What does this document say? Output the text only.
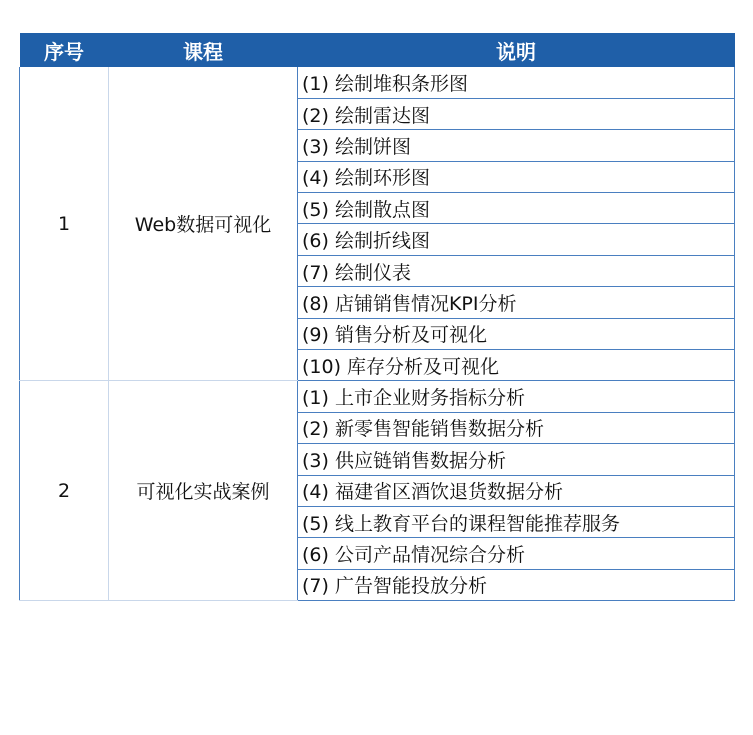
序号	课程	说明
1	Web数据可视化	(1) 绘制堆积条形图
		(2) 绘制雷达图
		(3) 绘制饼图
		(4) 绘制环形图
		(5) 绘制散点图
		(6) 绘制折线图
		(7) 绘制仪表
		(8) 店铺销售情况KPI分析
		(9) 销售分析及可视化
		(10) 库存分析及可视化
2	可视化实战案例	(1) 上市企业财务指标分析
		(2) 新零售智能销售数据分析
		(3) 供应链销售数据分析
		(4) 福建省区酒饮退货数据分析
		(5) 线上教育平台的课程智能推荐服务
		(6) 公司产品情况综合分析
		(7) 广告智能投放分析
